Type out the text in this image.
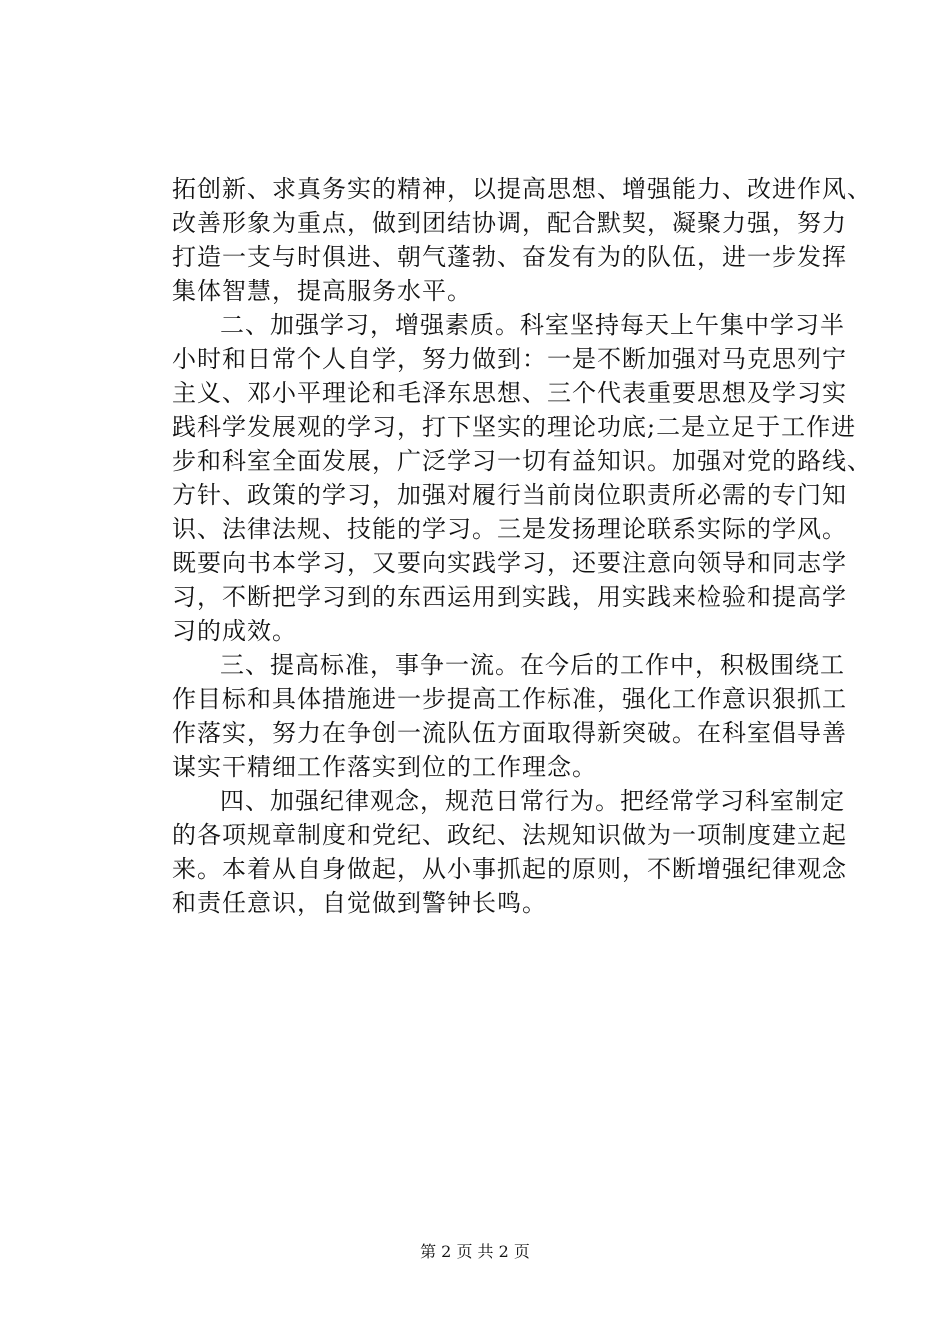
拓创新、求真务实的精神，以提高思想、增强能力、改进作风、
改善形象为重点，做到团结协调，配合默契，凝聚力强，努力
打造一支与时俱进、朝气蓬勃、奋发有为的队伍，进一步发挥
集体智慧，提高服务水平。
二、加强学习，增强素质。科室坚持每天上午集中学习半
小时和日常个人自学，努力做到：一是不断加强对马克思列宁
主义、邓小平理论和毛泽东思想、三个代表重要思想及学习实
践科学发展观的学习，打下坚实的理论功底;二是立足于工作进
步和科室全面发展，广泛学习一切有益知识。加强对党的路线、
方针、政策的学习，加强对履行当前岗位职责所必需的专门知
识、法律法规、技能的学习。三是发扬理论联系实际的学风。
既要向书本学习，又要向实践学习，还要注意向领导和同志学
习，不断把学习到的东西运用到实践，用实践来检验和提高学
习的成效。
三、提高标准，事争一流。在今后的工作中，积极围绕工
作目标和具体措施进一步提高工作标准，强化工作意识狠抓工
作落实，努力在争创一流队伍方面取得新突破。在科室倡导善
谋实干精细工作落实到位的工作理念。
四、加强纪律观念，规范日常行为。把经常学习科室制定
的各项规章制度和党纪、政纪、法规知识做为一项制度建立起
来。本着从自身做起，从小事抓起的原则，不断增强纪律观念
和责任意识，自觉做到警钟长鸣。
第 2 页 共 2 页
